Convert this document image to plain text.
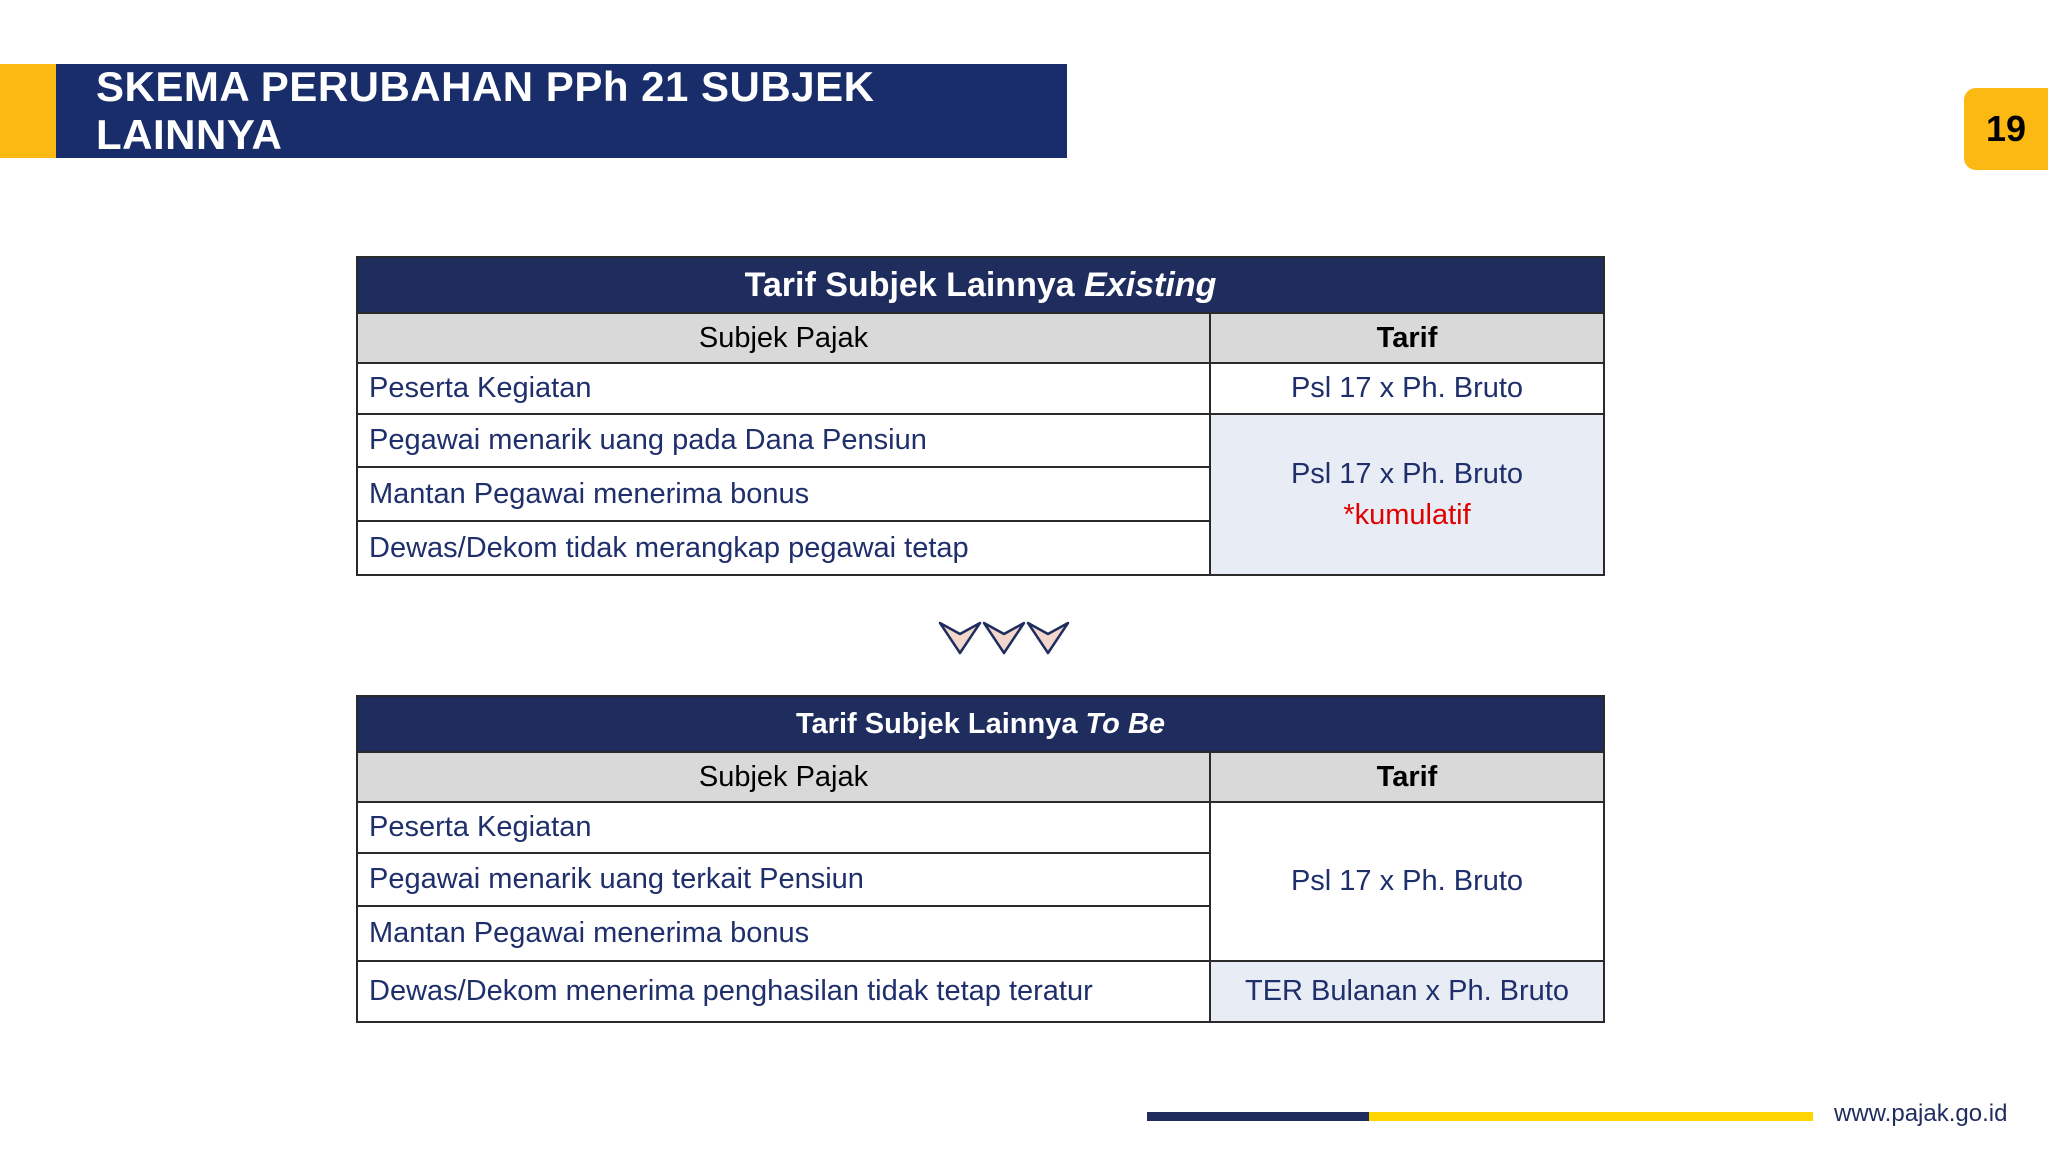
SKEMA PERUBAHAN PPh 21 SUBJEK LAINNYA	19
Tarif Subjek Lainnya Existing	
Subjek Pajak	Tarif
Peserta Kegiatan	Psl 17 x Ph. Bruto
Pegawai menarik uang pada Dana Pensiun	Psl 17 x Ph. Bruto
*kumulatif

Mantan Pegawai menerima bonus	
Dewas/Dekom tidak merangkap pegawai tetap	
Tarif Subjek Lainnya To Be	
Subjek Pajak	Tarif
Peserta Kegiatan	Psl 17 x Ph. Bruto
Pegawai menarik uang terkait Pensiun	
Mantan Pegawai menerima bonus	
Dewas/Dekom menerima penghasilan tidak tetap teratur	TER Bulanan x Ph. Bruto
www.pajak.go.id
